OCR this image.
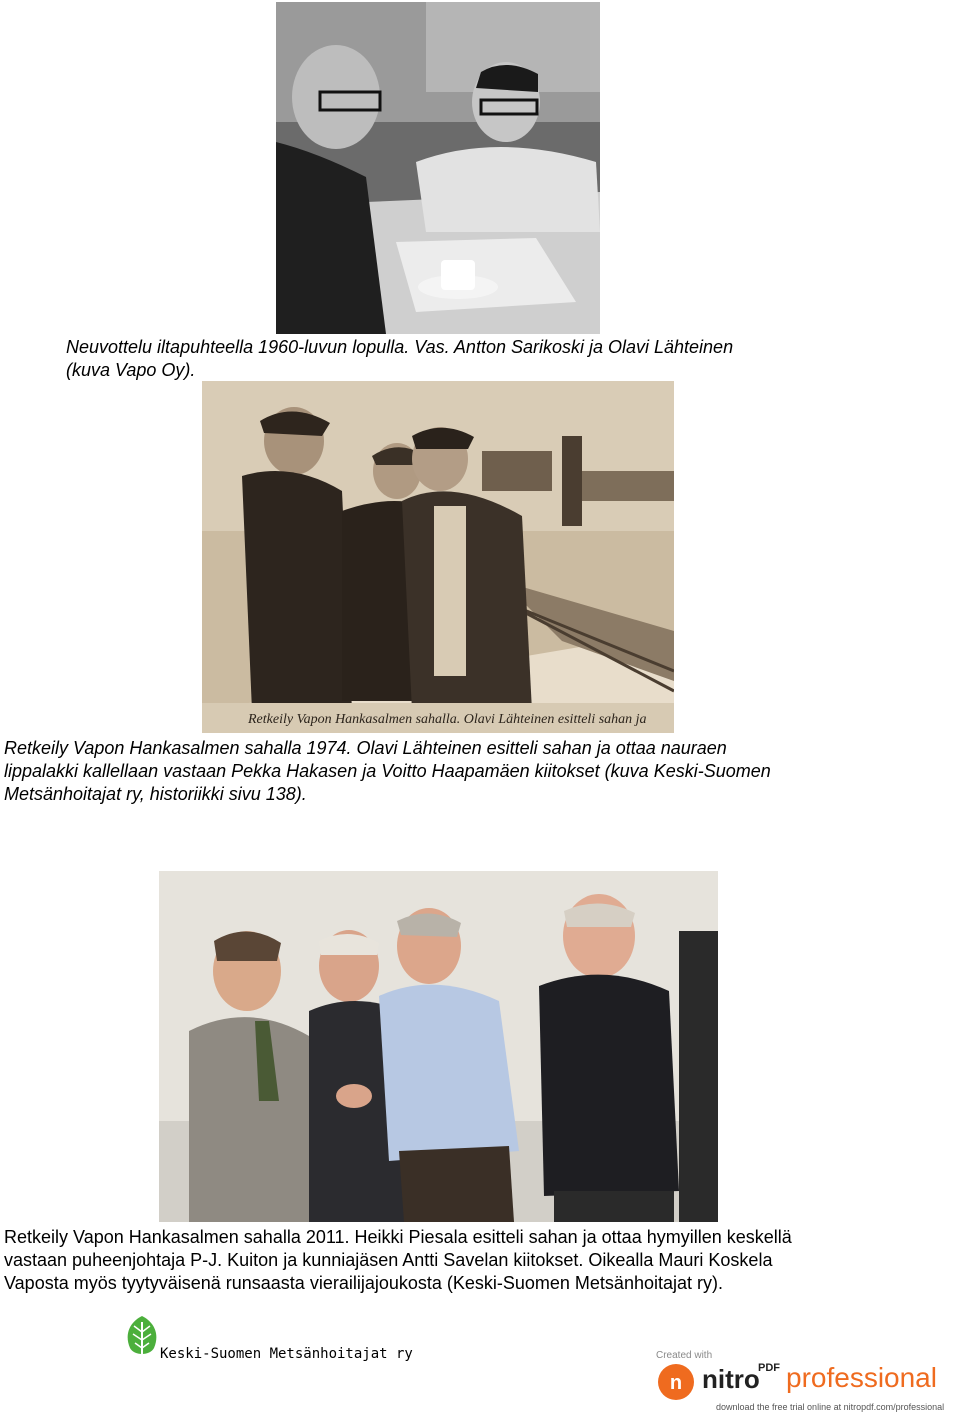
Neuvottelu iltapuhteella 1960-luvun lopulla. Vas. Antton Sarikoski ja Olavi Lähteinen

(kuva Vapo Oy).

Retkeily Vapon Hankasalmen sahalla. Olavi Lähteinen esitteli sahan ja

Retkeily Vapon Hankasalmen sahalla 1974. Olavi Lähteinen esitteli sahan ja ottaa nauraen

lippalakki kallellaan vastaan Pekka Hakasen ja Voitto Haapamäen kiitokset (kuva Keski-Suomen

Metsänhoitajat ry, historiikki sivu 138).

Retkeily Vapon Hankasalmen sahalla 2011. Heikki Piesala esitteli sahan ja ottaa hymyillen keskellä

vastaan puheenjohtaja P-J. Kuiton ja kunniajäsen Antti Savelan kiitokset. Oikealla Mauri Koskela

Vaposta myös tyytyväisenä runsaasta vierailijajoukosta (Keski-Suomen Metsänhoitajat ry).

Keski-Suomen Metsänhoitajat ry	Created with
n nitro
PDF professional
download the free trial online at nitropdf.com/professional
